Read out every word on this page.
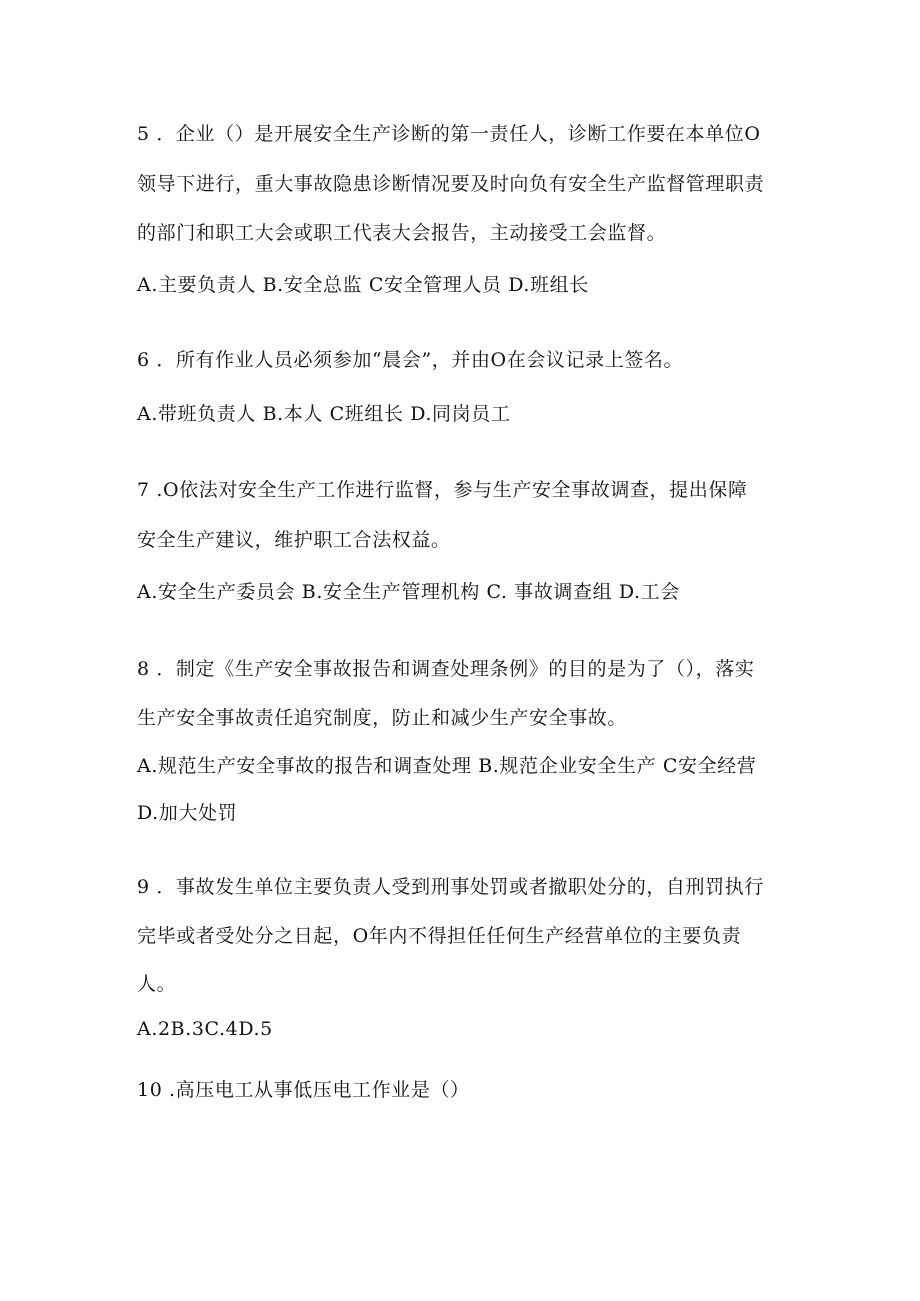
5 ．企业（）是开展安全生产诊断的第一责任人，诊断工作要在本单位O
领导下进行，重大事故隐患诊断情况要及时向负有安全生产监督管理职责
的部门和职工大会或职工代表大会报告，主动接受工会监督。
A.主要负责人 B.安全总监 C安全管理人员 D.班组长
6 ．所有作业人员必须参加“晨会”，并由O在会议记录上签名。
A.带班负责人 B.本人 C班组长 D.同岗员工
7 .O依法对安全生产工作进行监督，参与生产安全事故调查，提出保障
安全生产建议，维护职工合法权益。
A.安全生产委员会 B.安全生产管理机构 C. 事故调查组 D.工会
8 ．制定《生产安全事故报告和调查处理条例》的目的是为了（），落实
生产安全事故责任追究制度，防止和减少生产安全事故。
A.规范生产安全事故的报告和调查处理 B.规范企业安全生产 C安全经营
D.加大处罚
9 ．事故发生单位主要负责人受到刑事处罚或者撤职处分的，自刑罚执行
完毕或者受处分之日起，O年内不得担任任何生产经营单位的主要负责
人。
A.2B.3C.4D.5
10 .高压电工从事低压电工作业是（）
